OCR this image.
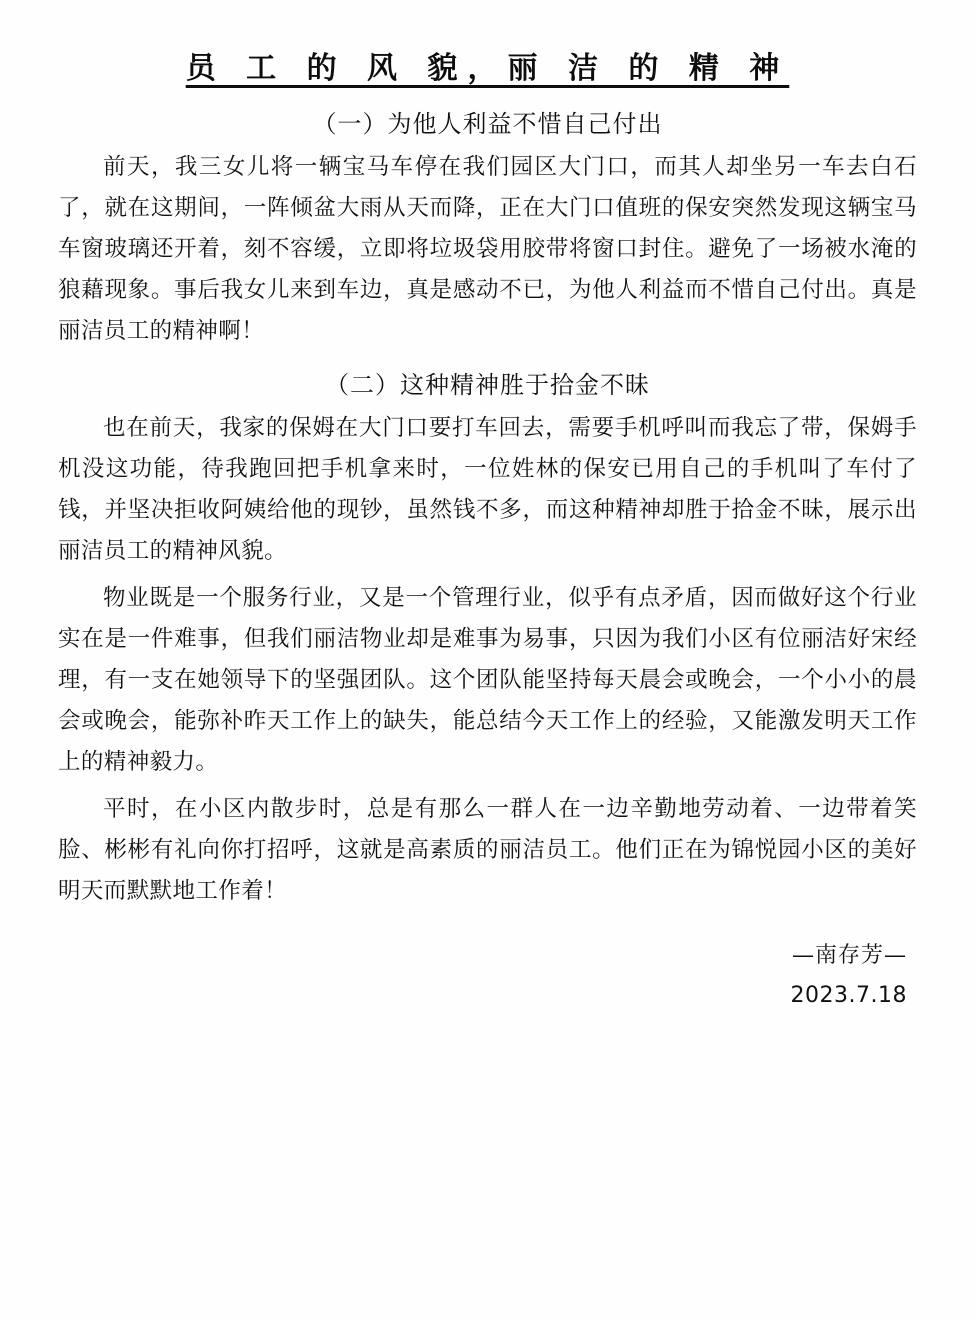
员 工 的 风 貌，丽 洁 的 精 神
（一）为他人利益不惜自己付出

前天，我三女儿将一辆宝马车停在我们园区大门口，而其人却坐另一车去白石了，就在这期间，一阵倾盆大雨从天而降，正在大门口值班的保安突然发现这辆宝马车窗玻璃还开着，刻不容缓，立即将垃圾袋用胶带将窗口封住。避免了一场被水淹的狼藉现象。事后我女儿来到车边，真是感动不已，为他人利益而不惜自己付出。真是丽洁员工的精神啊！

（二）这种精神胜于拾金不昧

也在前天，我家的保姆在大门口要打车回去，需要手机呼叫而我忘了带，保姆手机没这功能，待我跑回把手机拿来时，一位姓林的保安已用自己的手机叫了车付了钱，并坚决拒收阿姨给他的现钞，虽然钱不多，而这种精神却胜于拾金不昧，展示出丽洁员工的精神风貌。

物业既是一个服务行业，又是一个管理行业，似乎有点矛盾，因而做好这个行业实在是一件难事，但我们丽洁物业却是难事为易事，只因为我们小区有位丽洁好宋经理，有一支在她领导下的坚强团队。这个团队能坚持每天晨会或晚会，一个小小的晨会或晚会，能弥补昨天工作上的缺失，能总结今天工作上的经验，又能激发明天工作上的精神毅力。

平时，在小区内散步时，总是有那么一群人在一边辛勤地劳动着、一边带着笑脸、彬彬有礼向你打招呼，这就是高素质的丽洁员工。他们正在为锦悦园小区的美好明天而默默地工作着！

—南存芳—
2023.7.18
